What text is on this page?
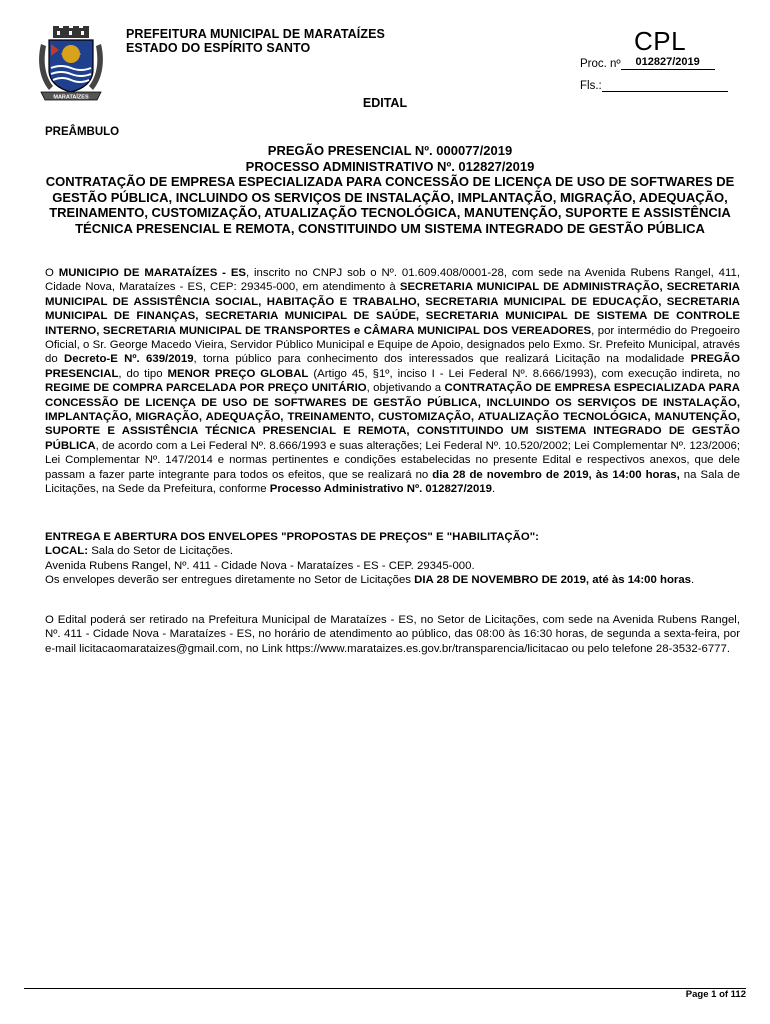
MARATAÍZES
PREFEITURA MUNICIPAL DE MARATAÍZES
ESTADO DO ESPÍRITO SANTO	CPL
Proc. nº 012827/2019
Fls.:
EDITAL
PREÂMBULO
PREGÃO PRESENCIAL Nº. 000077/2019
PROCESSO ADMINISTRATIVO Nº. 012827/2019
CONTRATAÇÃO DE EMPRESA ESPECIALIZADA PARA CONCESSÃO DE LICENÇA DE USO DE SOFTWARES DE GESTÃO PÚBLICA, INCLUINDO OS SERVIÇOS DE INSTALAÇÃO, IMPLANTAÇÃO, MIGRAÇÃO, ADEQUAÇÃO, TREINAMENTO, CUSTOMIZAÇÃO, ATUALIZAÇÃO TECNOLÓGICA, MANUTENÇÃO, SUPORTE E ASSISTÊNCIA TÉCNICA PRESENCIAL E REMOTA, CONSTITUINDO UM SISTEMA INTEGRADO DE GESTÃO PÚBLICA
O MUNICIPIO DE MARATAÍZES - ES, inscrito no CNPJ sob o Nº. 01.609.408/0001-28, com sede na Avenida Rubens Rangel, 411, Cidade Nova, Marataízes - ES, CEP: 29345-000, em atendimento à SECRETARIA MUNICIPAL DE ADMINISTRAÇÃO, SECRETARIA MUNICIPAL DE ASSISTÊNCIA SOCIAL, HABITAÇÃO E TRABALHO, SECRETARIA MUNICIPAL DE EDUCAÇÃO, SECRETARIA MUNICIPAL DE FINANÇAS, SECRETARIA MUNICIPAL DE SAÚDE, SECRETARIA MUNICIPAL DE SISTEMA DE CONTROLE INTERNO, SECRETARIA MUNICIPAL DE TRANSPORTES e CÂMARA MUNICIPAL DOS VEREADORES, por intermédio do Pregoeiro Oficial, o Sr. George Macedo Vieira, Servidor Público Municipal e Equipe de Apoio, designados pelo Exmo. Sr. Prefeito Municipal, através do Decreto-E Nº. 639/2019, torna público para conhecimento dos interessados que realizará Licitação na modalidade PREGÃO PRESENCIAL, do tipo MENOR PREÇO GLOBAL (Artigo 45, §1º, inciso I - Lei Federal Nº. 8.666/1993), com execução indireta, no REGIME DE COMPRA PARCELADA POR PREÇO UNITÁRIO, objetivando a CONTRATAÇÃO DE EMPRESA ESPECIALIZADA PARA CONCESSÃO DE LICENÇA DE USO DE SOFTWARES DE GESTÃO PÚBLICA, INCLUINDO OS SERVIÇOS DE INSTALAÇÃO, IMPLANTAÇÃO, MIGRAÇÃO, ADEQUAÇÃO, TREINAMENTO, CUSTOMIZAÇÃO, ATUALIZAÇÃO TECNOLÓGICA, MANUTENÇÃO, SUPORTE E ASSISTÊNCIA TÉCNICA PRESENCIAL E REMOTA, CONSTITUINDO UM SISTEMA INTEGRADO DE GESTÃO PÚBLICA, de acordo com a Lei Federal Nº. 8.666/1993 e suas alterações; Lei Federal Nº. 10.520/2002; Lei Complementar Nº. 123/2006; Lei Complementar Nº. 147/2014 e normas pertinentes e condições estabelecidas no presente Edital e respectivos anexos, que dele passam a fazer parte integrante para todos os efeitos, que se realizará no dia 28 de novembro de 2019, às 14:00 horas, na Sala de Licitações, na Sede da Prefeitura, conforme Processo Administrativo Nº. 012827/2019.
ENTREGA E ABERTURA DOS ENVELOPES "PROPOSTAS DE PREÇOS" E "HABILITAÇÃO":
LOCAL: Sala do Setor de Licitações.
Avenida Rubens Rangel, Nº. 411 - Cidade Nova - Marataízes - ES - CEP. 29345-000.
Os envelopes deverão ser entregues diretamente no Setor de Licitações DIA 28 DE NOVEMBRO DE 2019, até às 14:00 horas.
O Edital poderá ser retirado na Prefeitura Municipal de Marataízes - ES, no Setor de Licitações, com sede na Avenida Rubens Rangel, Nº. 411 - Cidade Nova - Marataízes - ES, no horário de atendimento ao público, das 08:00 às 16:30 horas, de segunda a sexta-feira, por e-mail licitacaomarataizes@gmail.com, no Link https://www.marataizes.es.gov.br/transparencia/licitacao ou pelo telefone 28-3532-6777.
Page 1 of 112
